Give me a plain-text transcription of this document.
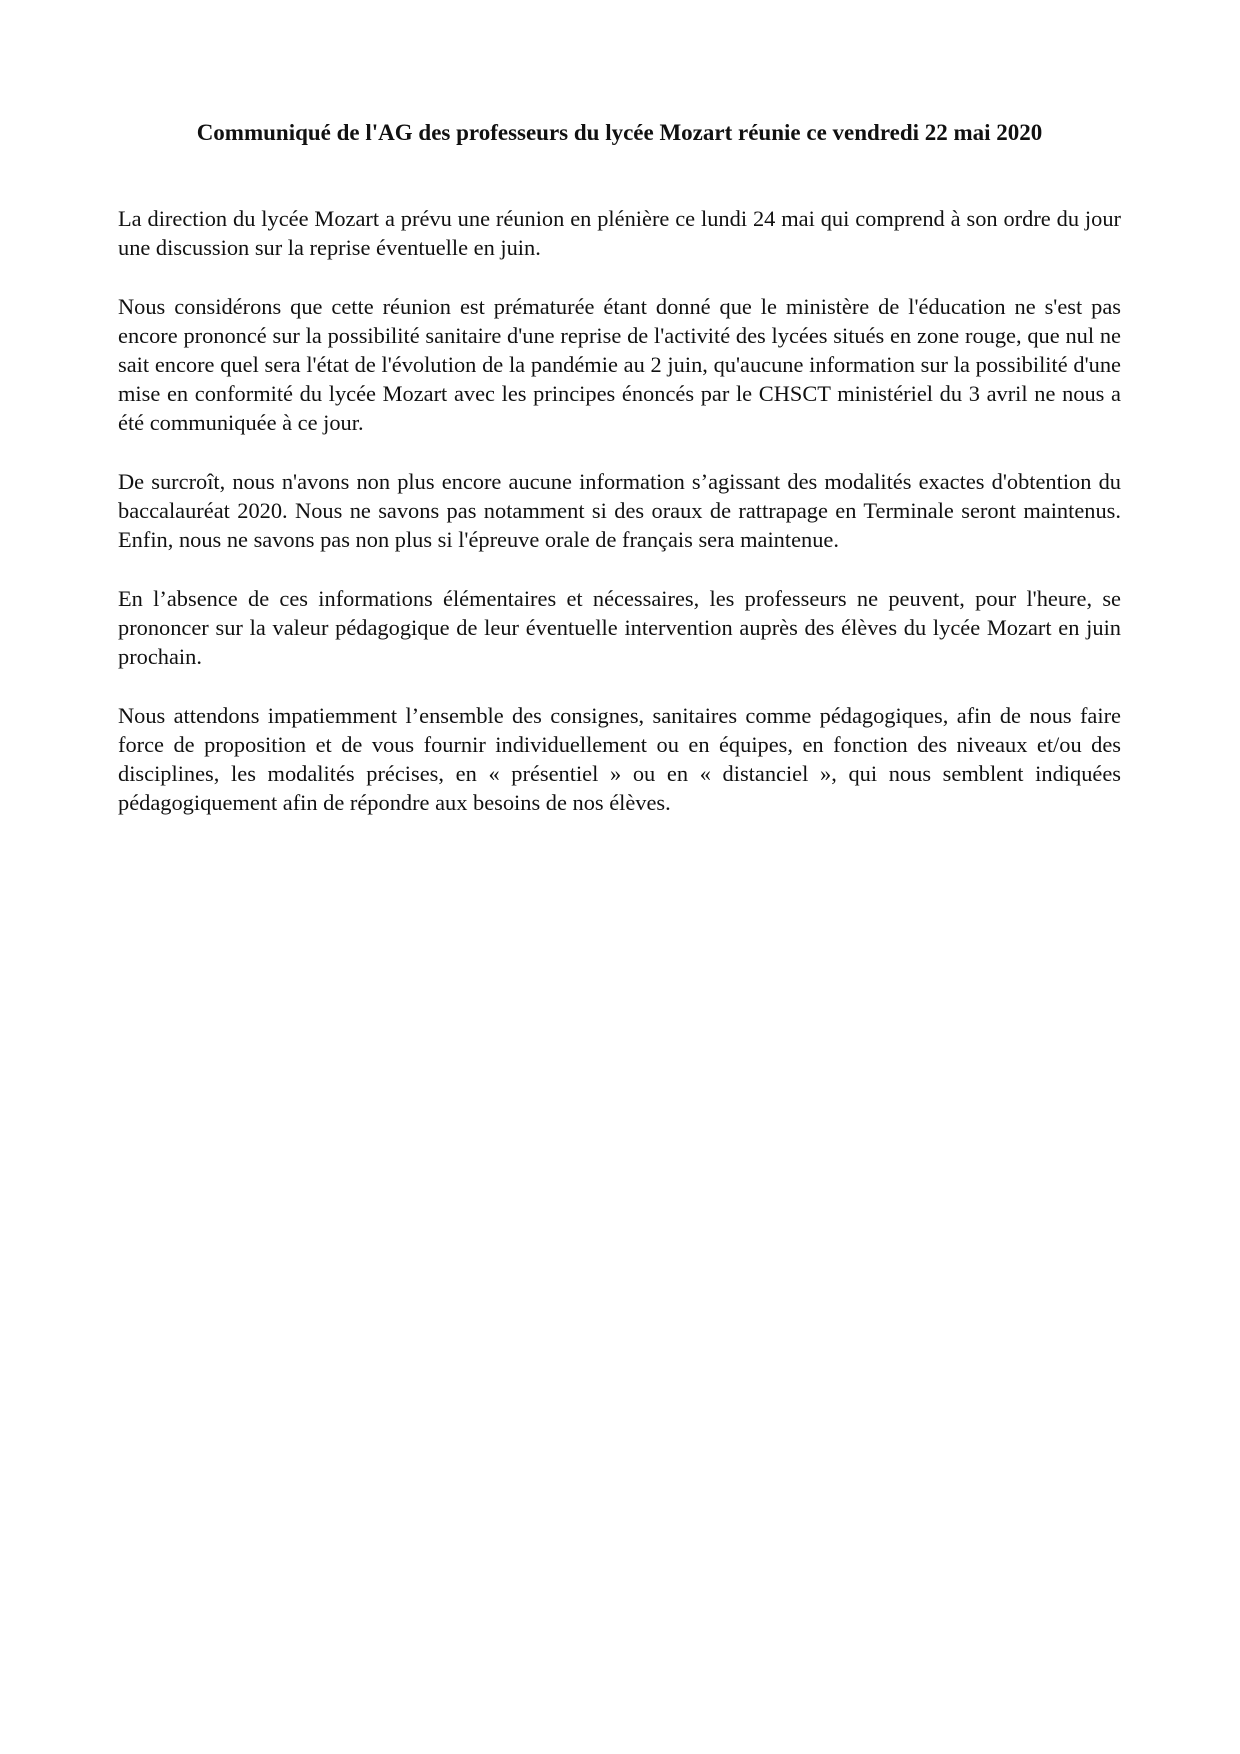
Communiqué de l'AG des professeurs du lycée Mozart réunie ce vendredi 22 mai 2020

La direction du lycée Mozart a prévu une réunion en plénière ce lundi 24 mai qui comprend à son ordre du jour une discussion sur la reprise éventuelle en juin.

Nous considérons que cette réunion est prématurée étant donné que le ministère de l'éducation ne s'est pas encore prononcé sur la possibilité sanitaire d'une reprise de l'activité des lycées situés en zone rouge, que nul ne sait encore quel sera l'état de l'évolution de la pandémie au 2 juin, qu'aucune information sur la possibilité d'une mise en conformité du lycée Mozart avec les principes énoncés par le CHSCT ministériel du 3 avril ne nous a été communiquée à ce jour.

De surcroît, nous n'avons non plus encore aucune information s’agissant des modalités exactes d'obtention du baccalauréat 2020. Nous ne savons pas notamment si des oraux de rattrapage en Terminale seront maintenus. Enfin, nous ne savons pas non plus si l'épreuve orale de français sera maintenue.

En l’absence de ces informations élémentaires et nécessaires, les professeurs ne peuvent, pour l'heure, se prononcer sur la valeur pédagogique de leur éventuelle intervention auprès des élèves du lycée Mozart en juin prochain.

Nous attendons impatiemment l’ensemble des consignes, sanitaires comme pédagogiques, afin de nous faire force de proposition et de vous fournir individuellement ou en équipes, en fonction des niveaux et/ou des disciplines, les modalités précises, en « présentiel » ou en « distanciel », qui nous semblent indiquées pédagogiquement afin de répondre aux besoins de nos élèves.
